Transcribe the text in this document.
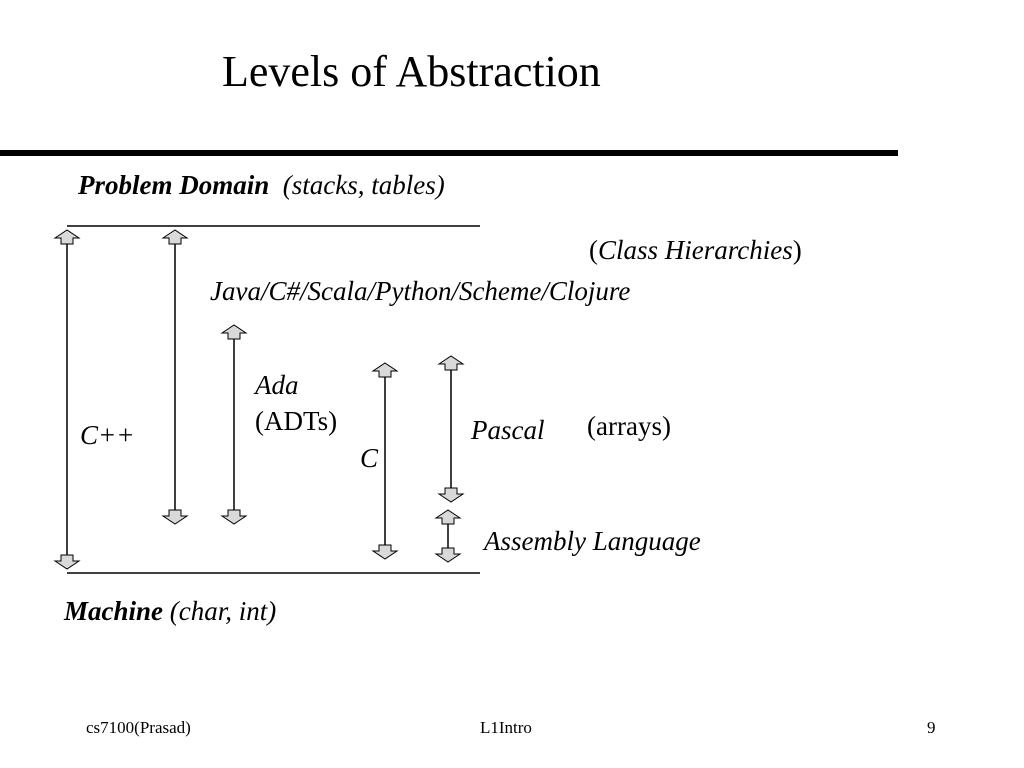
Levels of Abstraction
Problem Domain (stacks, tables)
(Class Hierarchies)
Java/C#/Scala/Python/Scheme/Clojure
Ada
(ADTs)
C++
C
Pascal (arrays)
Assembly Language
Machine (char, int)
cs7100(Prasad)	L1Intro	9
